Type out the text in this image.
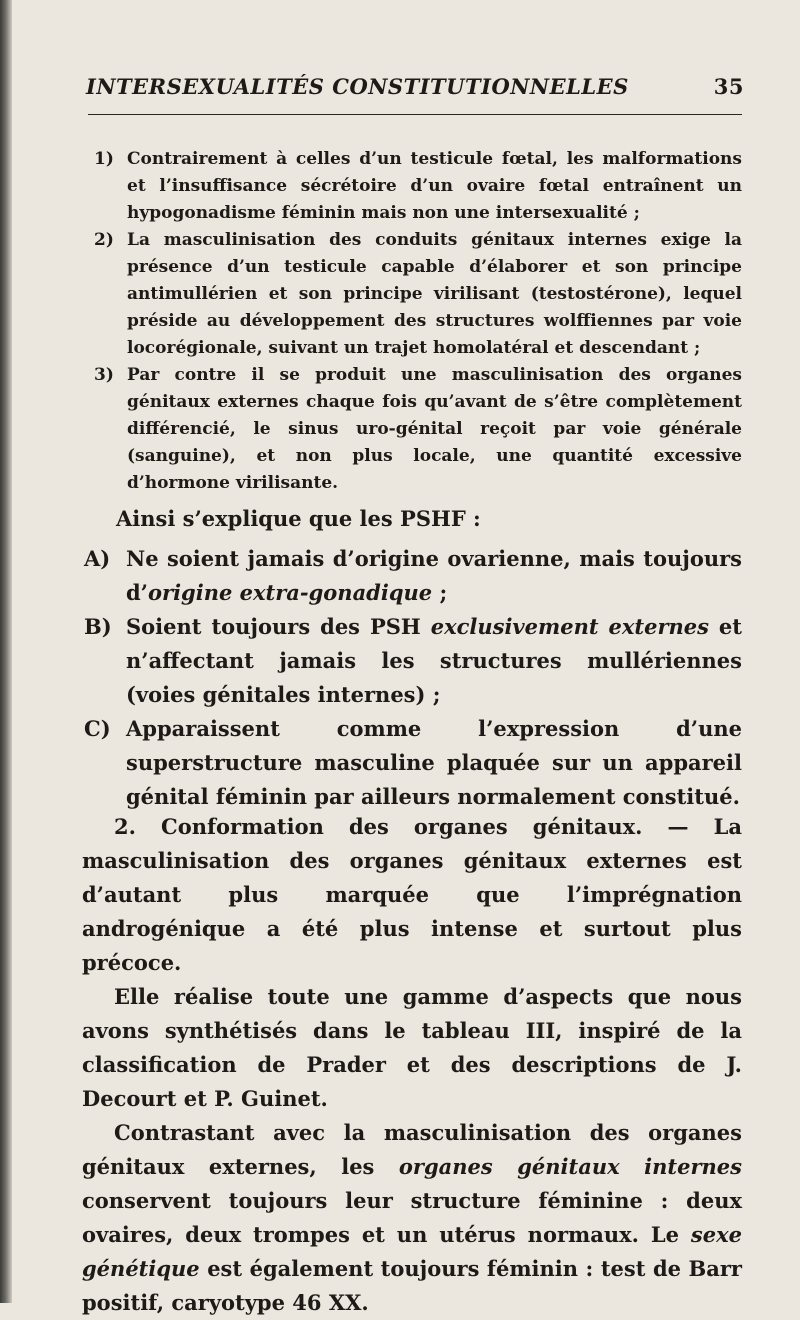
INTERSEXUALITÉS CONSTITUTIONNELLES	35
1) Contrairement à celles d’un testicule fœtal, les malformations et l’insuffisance sécrétoire d’un ovaire fœtal entraînent un hypogonadisme féminin mais non une intersexualité ;
2) La masculinisation des conduits génitaux internes exige la présence d’un testicule capable d’élaborer et son principe antimullérien et son principe virilisant (testostérone), lequel préside au développement des structures wolffiennes par voie locorégionale, suivant un trajet homolatéral et descendant ;
3) Par contre il se produit une masculinisation des organes génitaux externes chaque fois qu’avant de s’être complètement différencié, le sinus uro-génital reçoit par voie générale (sanguine), et non plus locale, une quantité excessive d’hormone virilisante.
Ainsi s’explique que les PSHF :
A) Ne soient jamais d’origine ovarienne, mais toujours d’origine extra-gonadique ;
B) Soient toujours des PSH exclusivement externes et n’affectant jamais les structures mullériennes (voies génitales internes) ;
C) Apparaissent comme l’expression d’une superstructure masculine plaquée sur un appareil génital féminin par ailleurs normalement constitué.

2. Conformation des organes génitaux. — La masculinisation des organes génitaux externes est d’autant plus marquée que l’imprégnation androgénique a été plus intense et surtout plus précoce.

Elle réalise toute une gamme d’aspects que nous avons synthétisés dans le tableau III, inspiré de la classification de Prader et des descriptions de J. Decourt et P. Guinet.

Contrastant avec la masculinisation des organes génitaux externes, les organes génitaux internes conservent toujours leur structure féminine : deux ovaires, deux trompes et un utérus normaux. Le sexe génétique est également toujours féminin : test de Barr positif, caryotype 46 XX.
